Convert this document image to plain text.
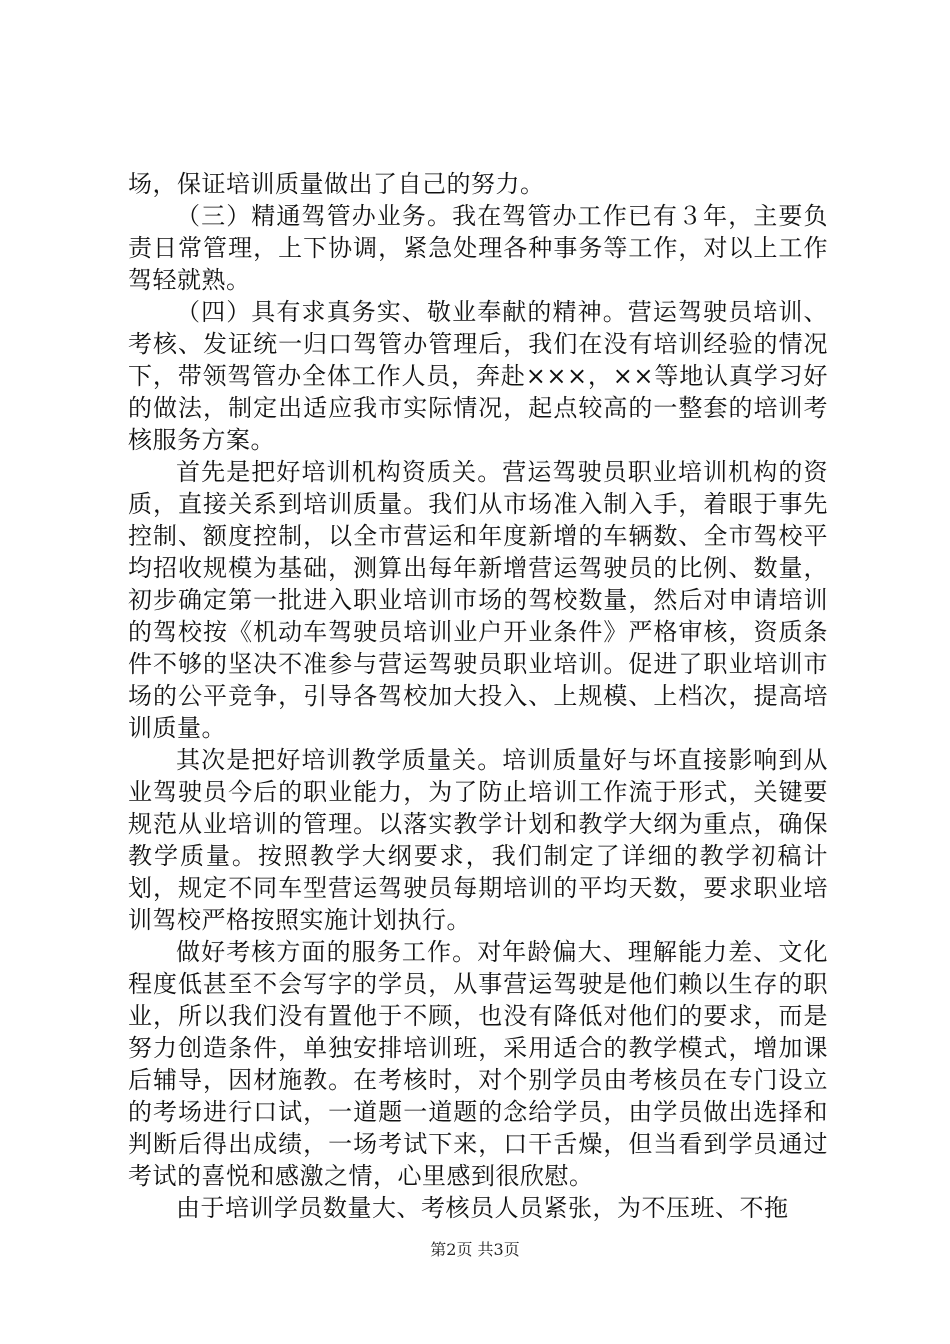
场，保证培训质量做出了自己的努力。

（三）精通驾管办业务。我在驾管办工作已有３年，主要负责日常管理，上下协调，紧急处理各种事务等工作，对以上工作驾轻就熟。

（四）具有求真务实、敬业奉献的精神。营运驾驶员培训、考核、发证统一归口驾管办管理后，我们在没有培训经验的情况下，带领驾管办全体工作人员，奔赴×××，××等地认真学习好的做法，制定出适应我市实际情况，起点较高的一整套的培训考核服务方案。

首先是把好培训机构资质关。营运驾驶员职业培训机构的资质，直接关系到培训质量。我们从市场准入制入手，着眼于事先控制、额度控制，以全市营运和年度新增的车辆数、全市驾校平均招收规模为基础，测算出每年新增营运驾驶员的比例、数量，初步确定第一批进入职业培训市场的驾校数量，然后对申请培训的驾校按《机动车驾驶员培训业户开业条件》严格审核，资质条件不够的坚决不准参与营运驾驶员职业培训。促进了职业培训市场的公平竞争，引导各驾校加大投入、上规模、上档次，提高培训质量。

其次是把好培训教学质量关。培训质量好与坏直接影响到从业驾驶员今后的职业能力，为了防止培训工作流于形式，关键要规范从业培训的管理。以落实教学计划和教学大纲为重点，确保教学质量。按照教学大纲要求，我们制定了详细的教学初稿计划，规定不同车型营运驾驶员每期培训的平均天数，要求职业培训驾校严格按照实施计划执行。

做好考核方面的服务工作。对年龄偏大、理解能力差、文化程度低甚至不会写字的学员，从事营运驾驶是他们赖以生存的职业，所以我们没有置他于不顾，也没有降低对他们的要求，而是努力创造条件，单独安排培训班，采用适合的教学模式，增加课后辅导，因材施教。在考核时，对个别学员由考核员在专门设立的考场进行口试，一道题一道题的念给学员，由学员做出选择和判断后得出成绩，一场考试下来，口干舌燥，但当看到学员通过考试的喜悦和感激之情，心里感到很欣慰。

由于培训学员数量大、考核员人员紧张，为不压班、不拖

第2页 共3页
